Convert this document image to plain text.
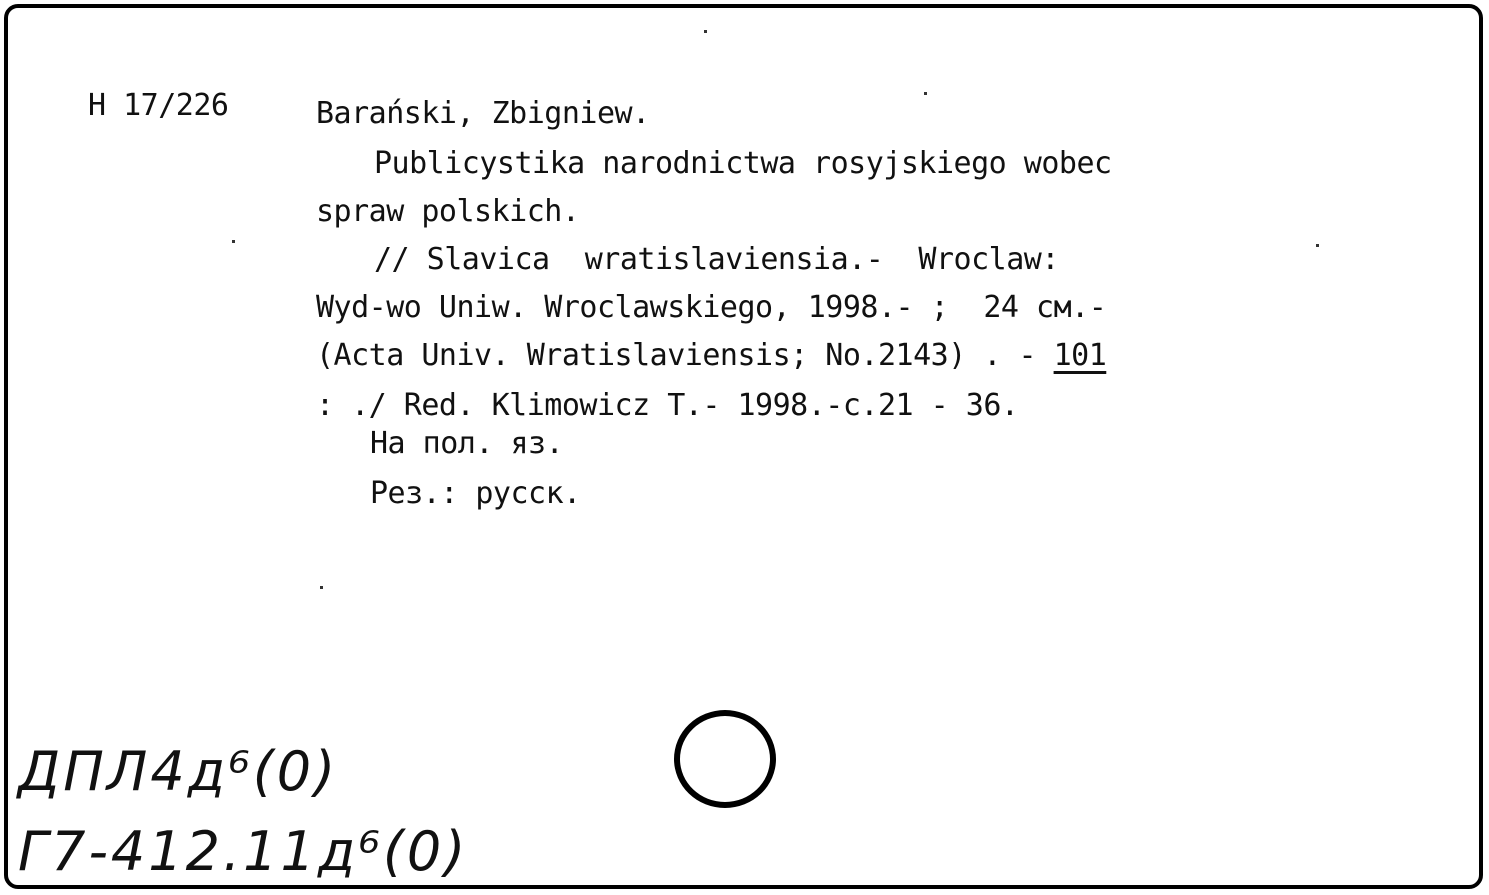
H 17/226	Barański, Zbigniew.
Publicystika narodnictwa rosyjskiego wobec
spraw polskich.
// Slavica  wratislaviensia.-  Wroclaw:
Wyd-wo Uniw. Wroclawskiego, 1998.- ;  24 см.-
(Acta Univ. Wratislaviensis; No.2143) . - 101
: ./ Red. Klimowicz T.- 1998.-c.21 - 36.
На пол. яз.
Рез.: русск.
ДПЛ4д⁶(0)
Г7-412.11д⁶(0)
